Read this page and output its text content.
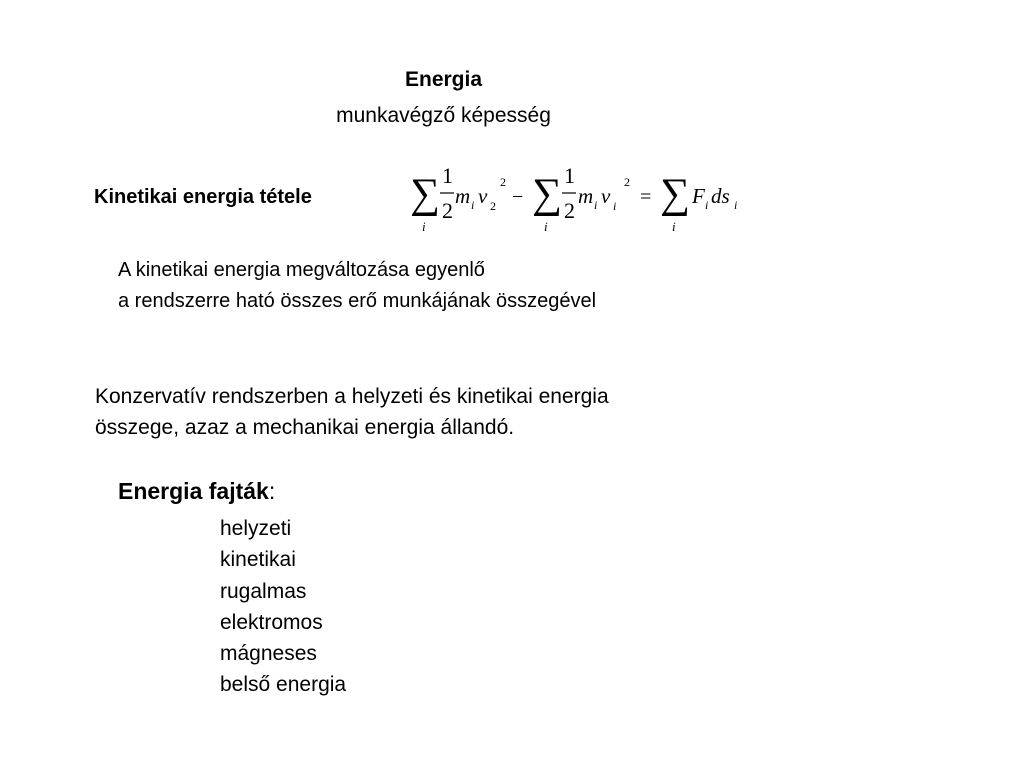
Energia
munkavégző képesség
Kinetikai energia tétele ∑
i
1
2
m i v 2
2
− ∑
i
1
2
m i v i
2
= ∑
i
F i ds i
A kinetikai energia megváltozása egyenlő
a rendszerre ható összes erő munkájának összegével
Konzervatív rendszerben a helyzeti és kinetikai energia
összege, azaz a mechanikai energia állandó.
Energia fajták:
helyzeti
kinetikai
rugalmas
elektromos
mágneses
belső energia
